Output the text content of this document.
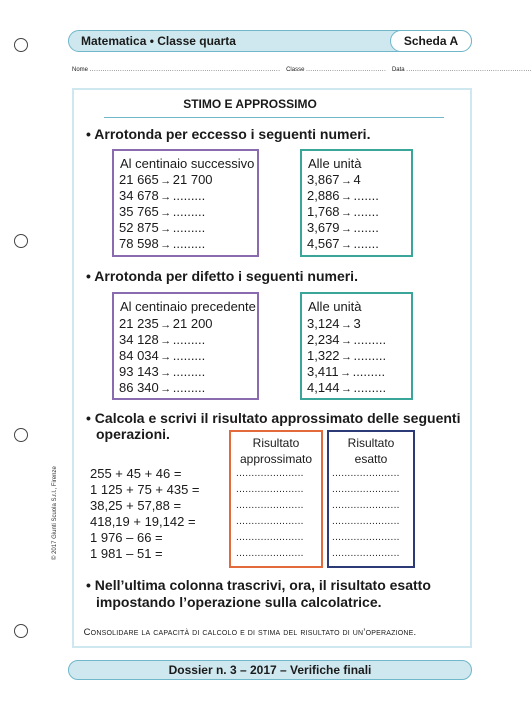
Matematica • Classe quarta	Scheda A
Nome ........................................................................................ Classe ..................................... Data ..........................................................
STIMO E APPROSSIMO
• Arrotonda per eccesso i seguenti numeri.
Al centinaio successivo	Alle unità
• Arrotonda per difetto i seguenti numeri.
Al centinaio precedente	Alle unità
• Calcola e scrivi il risultato approssimato delle seguenti
operazioni.
Risultato
approssimato
Risultato
esatto
255 + 45 + 46 =	......................	......................
1 125 + 75 + 435 =	......................	......................
38,25 + 57,88 =	......................	......................
418,19 + 19,142 =	......................	......................
1 976 – 66 =	......................	......................
1 981 – 51 =	......................	......................
• Nell’ultima colonna trascrivi, ora, il risultato esatto
impostando l’operazione sulla calcolatrice.
Consolidare la capacità di calcolo e di stima del risultato di un’operazione.
Dossier n. 3 – 2017 – Verifiche finali
© 2017 Giunti Scuola S.r.l., Firenze
21 665 → 21 700
34 678 → .........
35 765 → .........
52 875 → .........
78 598 → .........
3,867 → 4
2,886 → .......
1,768 → .......
3,679 → .......
4,567 → .......
21 235 → 21 200
34 128 → .........
84 034 → .........
93 143 → .........
86 340 → .........
3,124 → 3
2,234 → .........
1,322 → .........
3,411 → .........
4,144 → .........
